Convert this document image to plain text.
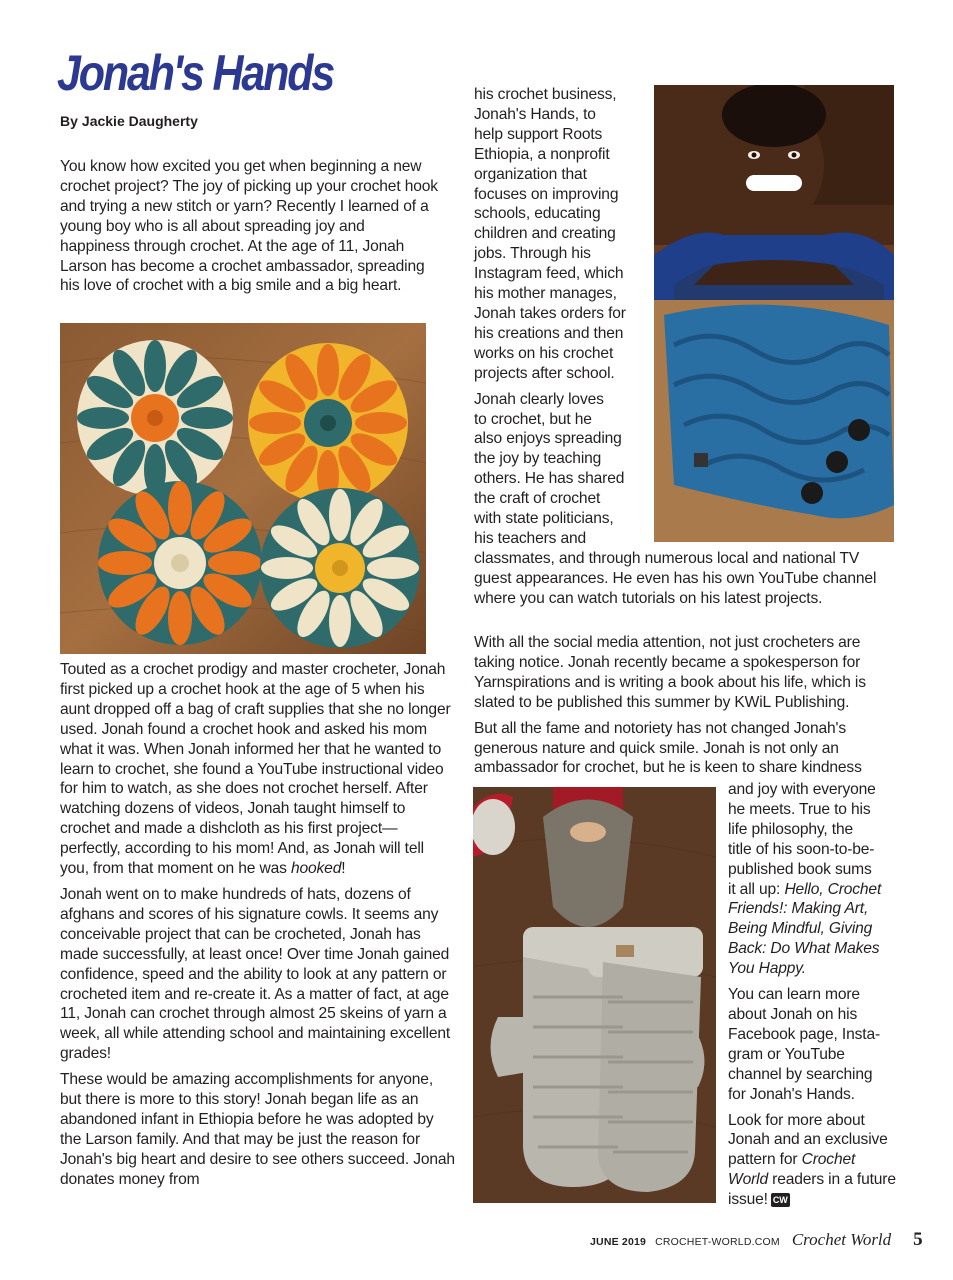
Jonah's Hands
By Jackie Daugherty

You know how excited you get when beginning a new crochet project? The joy of picking up your crochet hook and trying a new stitch or yarn? Recently I learned of a young boy who is all about spreading joy and happiness through crochet. At the age of 11, Jonah Larson has become a crochet ambassador, spreading his love of crochet with a big smile and a big heart.

Touted as a crochet prodigy and master crocheter, Jonah first picked up a crochet hook at the age of 5 when his aunt dropped off a bag of craft supplies that she no longer used. Jonah found a crochet hook and asked his mom what it was. When Jonah informed her that he wanted to learn to crochet, she found a YouTube instructional video for him to watch, as she does not crochet herself. After watching dozens of videos, Jonah taught himself to crochet and made a dishcloth as his first project—perfectly, according to his mom! And, as Jonah will tell you, from that moment on he was hooked!

Jonah went on to make hundreds of hats, dozens of afghans and scores of his signature cowls. It seems any conceivable project that can be crocheted, Jonah has made successfully, at least once! Over time Jonah gained confidence, speed and the ability to look at any pattern or crocheted item and re-create it. As a matter of fact, at age 11, Jonah can crochet through almost 25 skeins of yarn a week, all while attending school and maintaining excellent grades!

These would be amazing accomplishments for anyone, but there is more to this story! Jonah began life as an abandoned infant in Ethiopia before he was adopted by the Larson family. And that may be just the reason for Jonah's big heart and desire to see others succeed. Jonah donates money from

his crochet business,
Jonah's Hands, to
help support Roots
Ethiopia, a nonprofit
organization that
focuses on improving
schools, educating
children and creating
jobs. Through his
Instagram feed, which
his mother manages,
Jonah takes orders for
his creations and then
works on his crochet
projects after school.

Jonah clearly loves
to crochet, but he
also enjoys spreading
the joy by teaching
others. He has shared
the craft of crochet
with state politicians,
his teachers and
classmates, and through numerous local and national TV guest appearances. He even has his own YouTube channel where you can watch tutorials on his latest projects.

With all the social media attention, not just crocheters are taking notice. Jonah recently became a spokesperson for Yarnspirations and is writing a book about his life, which is slated to be published this summer by KWiL Publishing.

But all the fame and notoriety has not changed Jonah's generous nature and quick smile. Jonah is not only an ambassador for crochet, but he is keen to share kindness

and joy with everyone
he meets. True to his
life philosophy, the
title of his soon-to-be-
published book sums
it all up: Hello, Crochet Friends!: Making Art, Being Mindful, Giving Back: Do What Makes You Happy.

You can learn more
about Jonah on his
Facebook page, Insta-
gram or YouTube
channel by searching
for Jonah's Hands.

Look for more about Jonah and an exclusive pattern for Crochet World readers in a future issue! CW

JUNE 2019 CROCHET-WORLD.COM Crochet World 5
